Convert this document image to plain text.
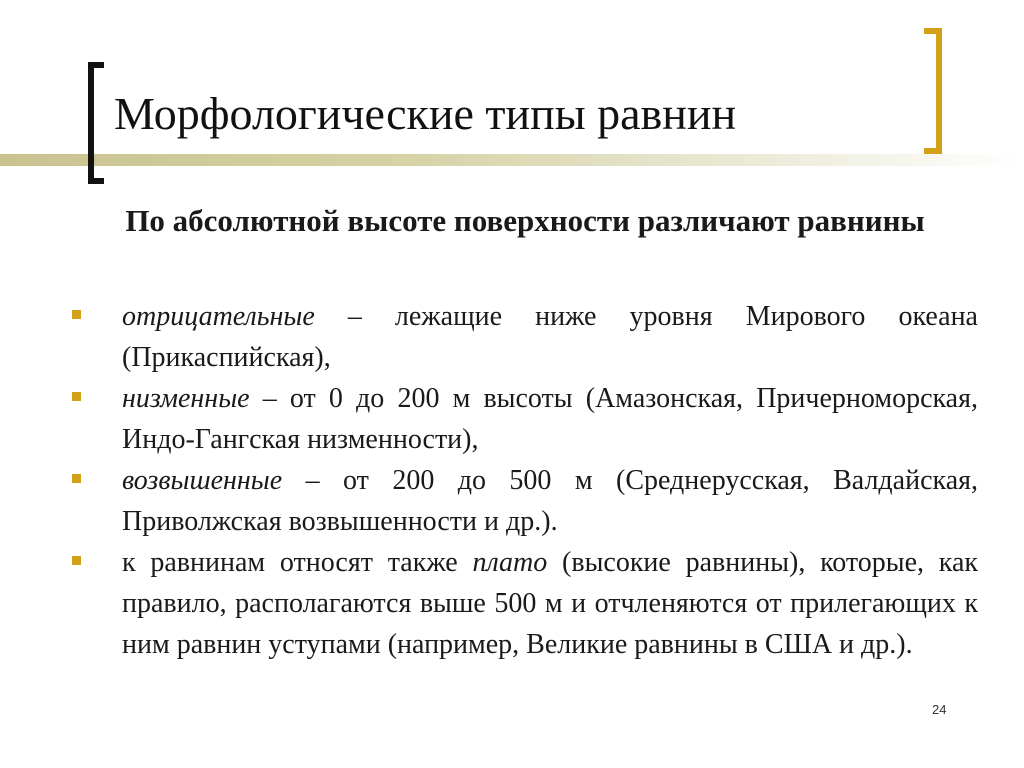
Морфологические типы равнин
По абсолютной высоте поверхности различают равнины
отрицательные – лежащие ниже уровня Мирового океана (Прикаспийская),
низменные – от 0 до 200 м высоты (Амазонская, Причерноморская, Индо-Гангская низменности),
возвышенные – от 200 до 500 м (Среднерусская, Валдайская, Приволжская возвышенности и др.).
к равнинам относят также плато (высокие равнины), которые, как правило, располагаются выше 500 м и отчленяются от прилегающих к ним равнин уступами (например, Великие равнины в США и др.).
24
